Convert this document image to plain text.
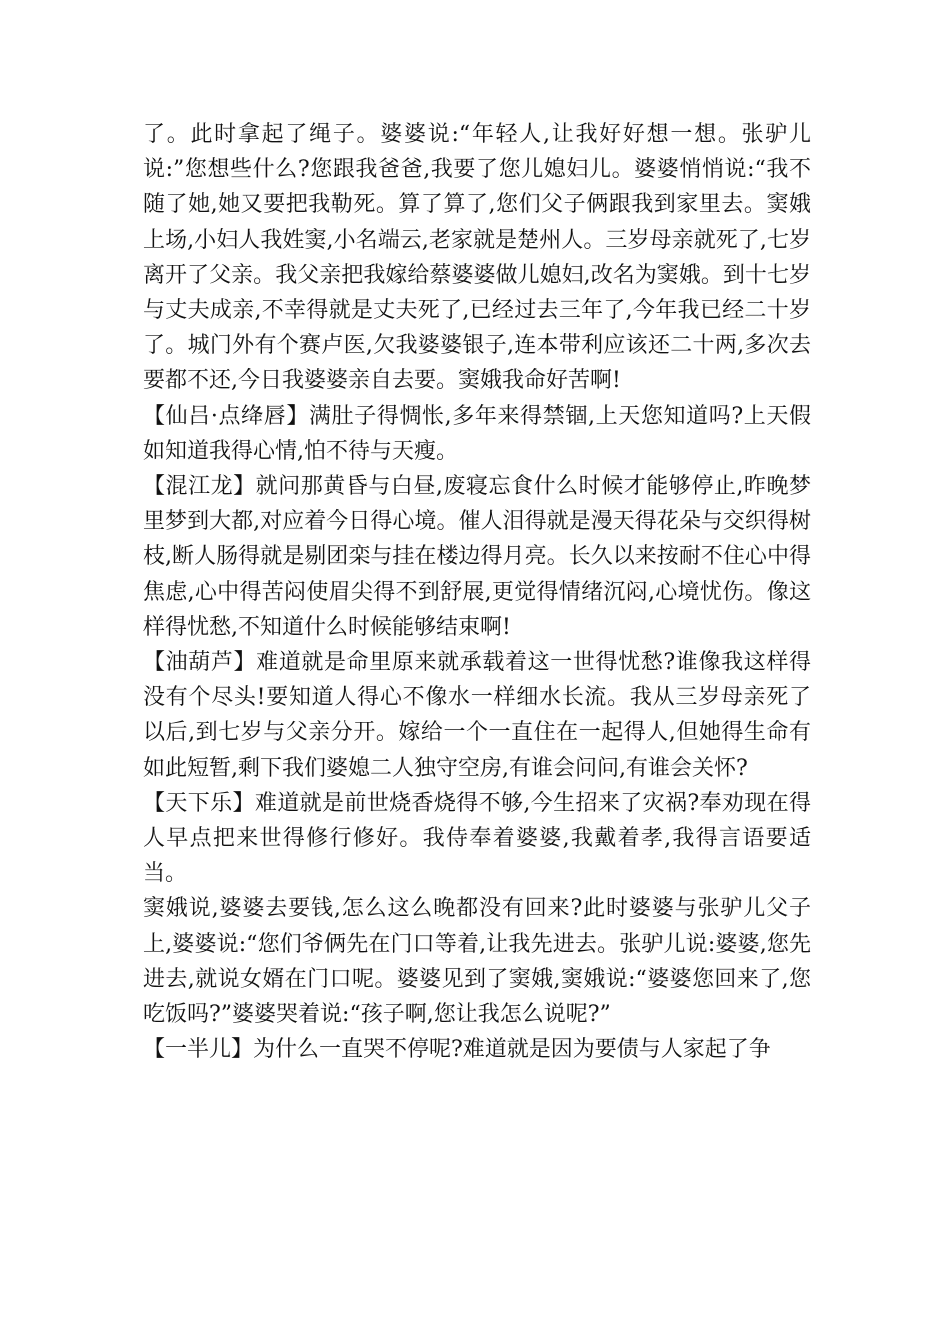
了。此时拿起了绳子。婆婆说:“年轻人,让我好好想一想。张驴儿说:”您想些什么?您跟我爸爸,我要了您儿媳妇儿。婆婆悄悄说:“我不随了她,她又要把我勒死。算了算了,您们父子俩跟我到家里去。窦娥上场,小妇人我姓窦,小名端云,老家就是楚州人。三岁母亲就死了,七岁离开了父亲。我父亲把我嫁给蔡婆婆做儿媳妇,改名为窦娥。到十七岁与丈夫成亲,不幸得就是丈夫死了,已经过去三年了,今年我已经二十岁了。城门外有个赛卢医,欠我婆婆银子,连本带利应该还二十两,多次去要都不还,今日我婆婆亲自去要。窦娥我命好苦啊!

【仙吕·点绛唇】满肚子得惆怅,多年来得禁锢,上天您知道吗?上天假如知道我得心情,怕不待与天瘦。

【混江龙】就问那黄昏与白昼,废寝忘食什么时候才能够停止,昨晚梦里梦到大都,对应着今日得心境。催人泪得就是漫天得花朵与交织得树枝,断人肠得就是剔团栾与挂在楼边得月亮。长久以来按耐不住心中得焦虑,心中得苦闷使眉尖得不到舒展,更觉得情绪沉闷,心境忧伤。像这样得忧愁,不知道什么时候能够结束啊!

【油葫芦】难道就是命里原来就承载着这一世得忧愁?谁像我这样得没有个尽头!要知道人得心不像水一样细水长流。我从三岁母亲死了以后,到七岁与父亲分开。嫁给一个一直住在一起得人,但她得生命有如此短暂,剩下我们婆媳二人独守空房,有谁会问问,有谁会关怀?

【天下乐】难道就是前世烧香烧得不够,今生招来了灾祸?奉劝现在得人早点把来世得修行修好。我侍奉着婆婆,我戴着孝,我得言语要适当。

窦娥说,婆婆去要钱,怎么这么晚都没有回来?此时婆婆与张驴儿父子上,婆婆说:“您们爷俩先在门口等着,让我先进去。张驴儿说:婆婆,您先进去,就说女婿在门口呢。婆婆见到了窦娥,窦娥说:“婆婆您回来了,您吃饭吗?”婆婆哭着说:“孩子啊,您让我怎么说呢?”

【一半儿】为什么一直哭不停呢?难道就是因为要债与人家起了争
